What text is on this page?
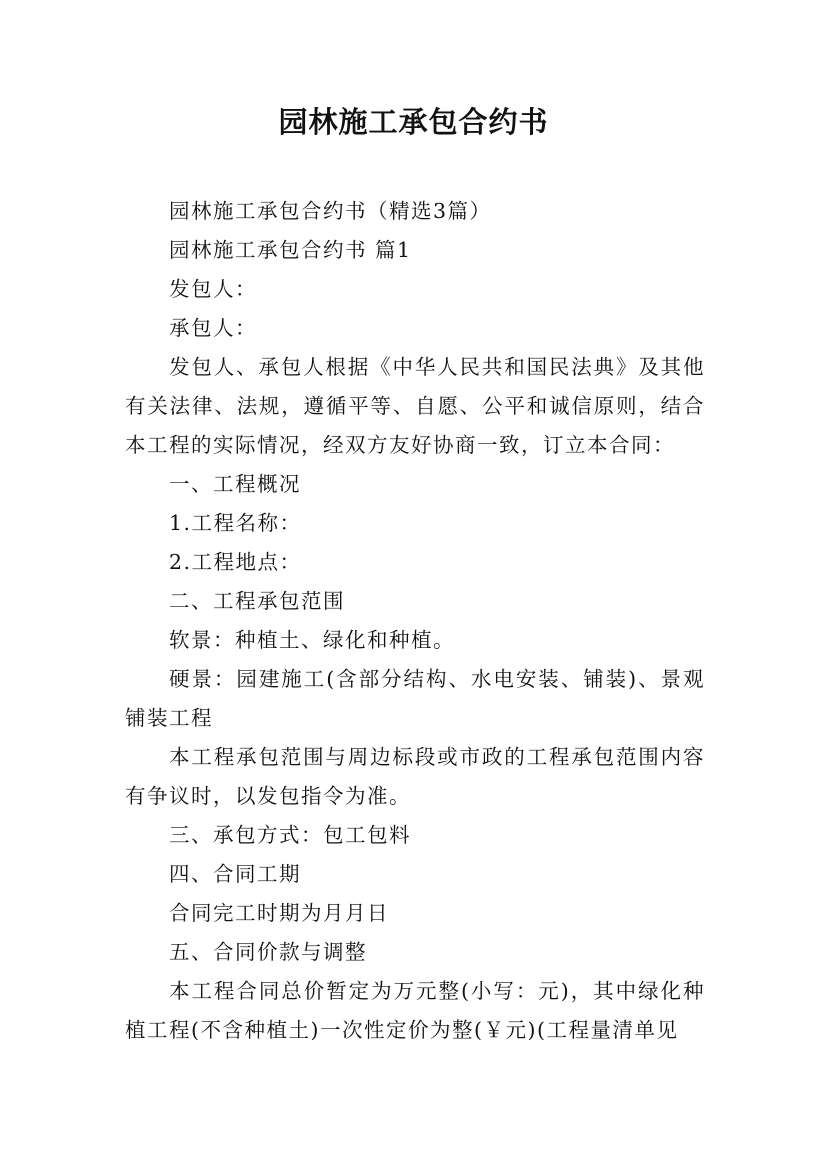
园林施工承包合约书

园林施工承包合约书（精选3篇）

园林施工承包合约书 篇1

发包人：

承包人：

发包人、承包人根据《中华人民共和国民法典》及其他有关法律、法规，遵循平等、自愿、公平和诚信原则，结合本工程的实际情况，经双方友好协商一致，订立本合同：

一、工程概况

1.工程名称：

2.工程地点：

二、工程承包范围

软景：种植土、绿化和种植。

硬景：园建施工(含部分结构、水电安装、铺装)、景观铺装工程

本工程承包范围与周边标段或市政的工程承包范围内容有争议时，以发包指令为准。

三、承包方式：包工包料

四、合同工期

合同完工时期为月月日

五、合同价款与调整

本工程合同总价暂定为万元整(小写：元)，其中绿化种植工程(不含种植土)一次性定价为整(￥元)(工程量清单见
